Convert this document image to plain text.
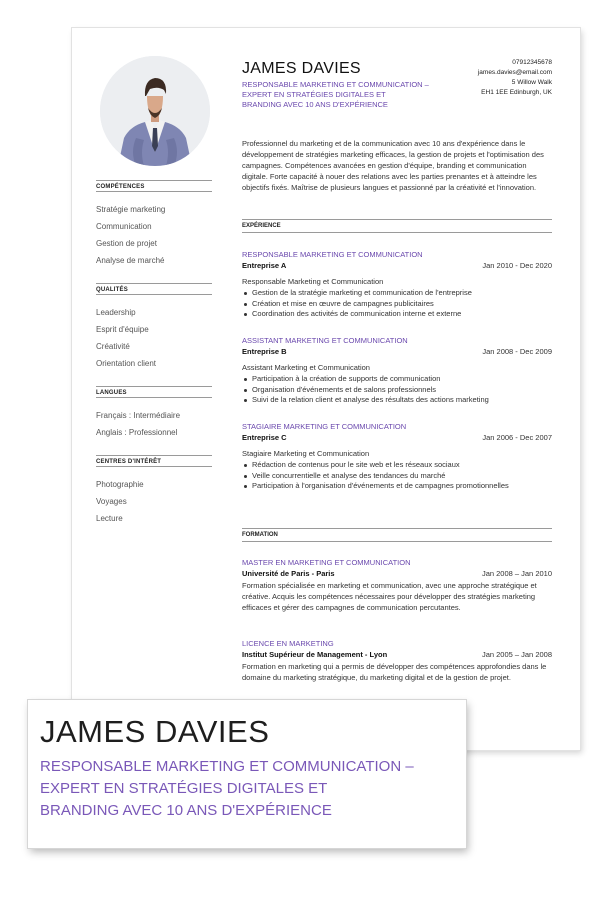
COMPÉTENCES
Stratégie marketing
Communication
Gestion de projet
Analyse de marché
QUALITÉS
Leadership
Esprit d'équipe
Créativité
Orientation client
LANGUES
Français : Intermédiaire
Anglais : Professionnel
CENTRES D'INTÉRÊT
Photographie
Voyages
Lecture
JAMES DAVIES
RESPONSABLE MARKETING ET COMMUNICATION –
EXPERT EN STRATÉGIES DIGITALES ET
BRANDING AVEC 10 ANS D'EXPÉRIENCE
07912345678
james.davies@email.com
5 Willow Walk
EH1 1EE Edinburgh, UK

Professionnel du marketing et de la communication avec 10 ans d'expérience dans le développement de stratégies marketing efficaces, la gestion de projets et l'optimisation des campagnes. Compétences avancées en gestion d'équipe, branding et communication digitale. Forte capacité à nouer des relations avec les parties prenantes et à atteindre les objectifs fixés. Maîtrise de plusieurs langues et passionné par la créativité et l'innovation.

EXPÉRIENCE
RESPONSABLE MARKETING ET COMMUNICATION
Entreprise A	Jan 2010 - Dec 2020
Responsable Marketing et Communication
Gestion de la stratégie marketing et communication de l'entreprise
Création et mise en œuvre de campagnes publicitaires
Coordination des activités de communication interne et externe
ASSISTANT MARKETING ET COMMUNICATION
Entreprise B	Jan 2008 - Dec 2009
Assistant Marketing et Communication
Participation à la création de supports de communication
Organisation d'événements et de salons professionnels
Suivi de la relation client et analyse des résultats des actions marketing
STAGIAIRE MARKETING ET COMMUNICATION
Entreprise C	Jan 2006 - Dec 2007
Stagiaire Marketing et Communication
Rédaction de contenus pour le site web et les réseaux sociaux
Veille concurrentielle et analyse des tendances du marché
Participation à l'organisation d'événements et de campagnes promotionnelles
FORMATION
MASTER EN MARKETING ET COMMUNICATION
Université de Paris - Paris	Jan 2008 – Jan 2010

Formation spécialisée en marketing et communication, avec une approche stratégique et créative. Acquis les compétences nécessaires pour développer des stratégies marketing efficaces et gérer des campagnes de communication percutantes.

LICENCE EN MARKETING
Institut Supérieur de Management - Lyon	Jan 2005 – Jan 2008

Formation en marketing qui a permis de développer des compétences approfondies dans le domaine du marketing stratégique, du marketing digital et de la gestion de projet.

JAMES DAVIES
RESPONSABLE MARKETING ET COMMUNICATION –
EXPERT EN STRATÉGIES DIGITALES ET
BRANDING AVEC 10 ANS D'EXPÉRIENCE
